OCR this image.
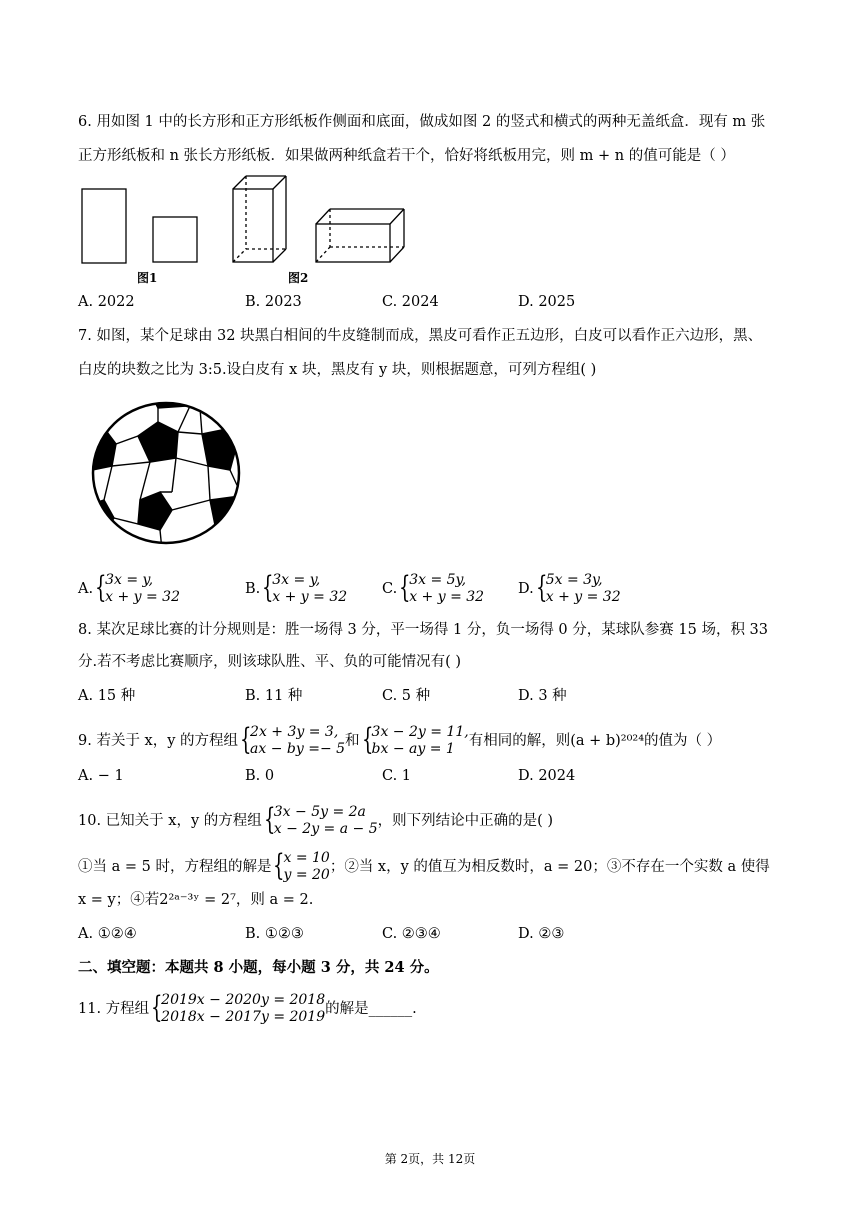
6. 用如图 1 中的长方形和正方形纸板作侧面和底面，做成如图 2 的竖式和横式的两种无盖纸盒．现有 m 张
正方形纸板和 n 张长方形纸板．如果做两种纸盒若干个，恰好将纸板用完，则 m + n 的值可能是（ ）
图1	图2
A. 2022	B. 2023	C. 2024	D. 2025
7. 如图，某个足球由 32 块黑白相间的牛皮缝制而成，黑皮可看作正五边形，白皮可以看作正六边形，黑、
白皮的块数之比为 3:5.设白皮有 x 块，黑皮有 y 块，则根据题意，可列方程组( )
A. {
3x = y,
x + y = 32	B. {
3x = y,
x + y = 32 C. {
3x = 5y,
x + y = 32 D. {
5x = 3y,
x + y = 32
8. 某次足球比赛的计分规则是：胜一场得 3 分，平一场得 1 分，负一场得 0 分，某球队参赛 15 场，积 33
分.若不考虑比赛顺序，则该球队胜、平、负的可能情况有( )
A. 15 种	B. 11 种	C. 5 种	D. 3 种
9. 若关于 x，y 的方程组 {
2x + 3y = 3,
ax − by =− 5 和 {
3x − 2y = 11,
bx − ay = 1 有相同的解，则(a + b)²⁰²⁴的值为（ ）
A. − 1	B. 0	C. 1	D. 2024
10. 已知关于 x，y 的方程组 {
3x − 5y = 2a
x − 2y = a − 5 ，则下列结论中正确的是( )
①当 a = 5 时，方程组的解是 {
x = 10
y = 20 ；②当 x，y 的值互为相反数时，a = 20；③不存在一个实数 a 使得
x = y；④若2²ᵃ⁻³ʸ = 2⁷，则 a = 2.
A. ①②④	B. ①②③	C. ②③④	D. ②③
二、填空题：本题共 8 小题，每小题 3 分，共 24 分。
11. 方程组 {
2019x − 2020y = 2018
2018x − 2017y = 2019 的解是______.
第 2页，共 12页
